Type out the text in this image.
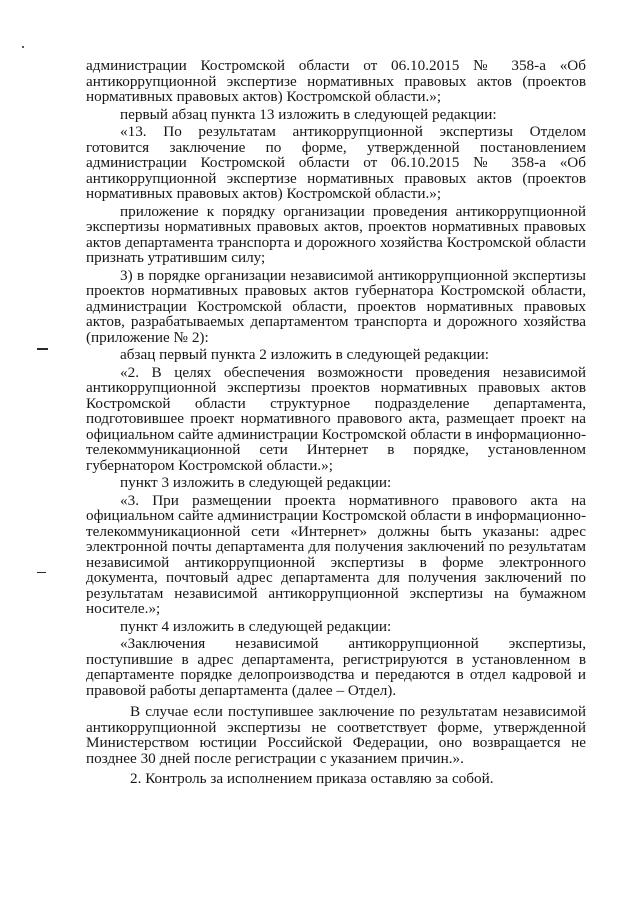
администрации Костромской области от 06.10.2015 № 358-а «Об антикоррупционной экспертизе нормативных правовых актов (проектов нормативных правовых актов) Костромской области.»;

первый абзац пункта 13 изложить в следующей редакции:

«13. По результатам антикоррупционной экспертизы Отделом готовится заключение по форме, утвержденной постановлением администрации Костромской области от 06.10.2015 № 358-а «Об антикоррупционной экспертизе нормативных правовых актов (проектов нормативных правовых актов) Костромской области.»;

приложение к порядку организации проведения антикоррупционной экспертизы нормативных правовых актов, проектов нормативных правовых актов департамента транспорта и дорожного хозяйства Костромской области признать утратившим силу;

3) в порядке организации независимой антикоррупционной экспертизы проектов нормативных правовых актов губернатора Костромской области, администрации Костромской области, проектов нормативных правовых актов, разрабатываемых департаментом транспорта и дорожного хозяйства (приложение № 2):

абзац первый пункта 2 изложить в следующей редакции:

«2. В целях обеспечения возможности проведения независимой антикоррупционной экспертизы проектов нормативных правовых актов Костромской области структурное подразделение департамента, подготовившее проект нормативного правового акта, размещает проект на официальном сайте администрации Костромской области в информационно-телекоммуникационной сети Интернет в порядке, установленном губернатором Костромской области.»;

пункт 3 изложить в следующей редакции:

«3. При размещении проекта нормативного правового акта на официальном сайте администрации Костромской области в информационно-телекоммуникационной сети «Интернет» должны быть указаны: адрес электронной почты департамента для получения заключений по результатам независимой антикоррупционной экспертизы в форме электронного документа, почтовый адрес департамента для получения заключений по результатам независимой антикоррупционной экспертизы на бумажном носителе.»;

пункт 4 изложить в следующей редакции:

«Заключения независимой антикоррупционной экспертизы, поступившие в адрес департамента, регистрируются в установленном в департаменте порядке делопроизводства и передаются в отдел кадровой и правовой работы департамента (далее – Отдел).

В случае если поступившее заключение по результатам независимой антикоррупционной экспертизы не соответствует форме, утвержденной Министерством юстиции Российской Федерации, оно возвращается не позднее 30 дней после регистрации с указанием причин.».

2. Контроль за исполнением приказа оставляю за собой.
